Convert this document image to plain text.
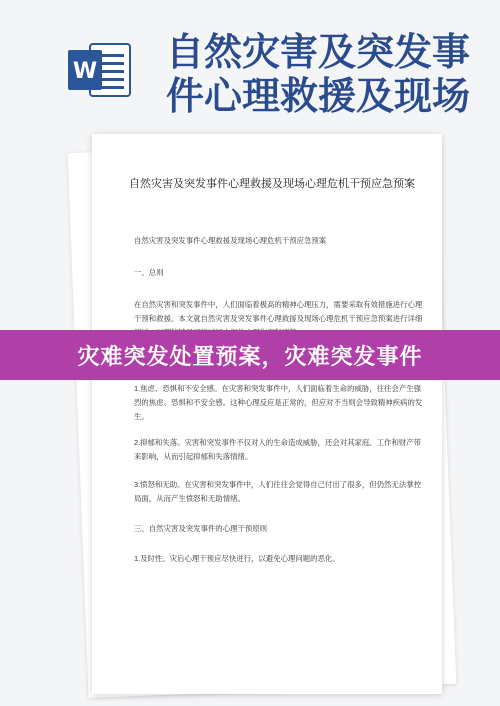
W 自然灾害及突发事
件心理救援及现场
自然灾害及突发事件心理救援及现场心理危机干预应急预案
自然灾害及突发事件心理救援及现场心理危机干预应急预案
一、总则
在自然灾害和突发事件中，人们面临着极高的精神心理压力，需要采取有效措施进行心理干预和救援。本文就自然灾害及突发事件心理救援及现场心理危机干预应急预案进行详细
1.焦虑、恐惧和不安全感。在灾害和突发事件中，人们面临着生命的威胁，往往会产生强烈的焦虑、恐惧和不安全感。这种心理反应是正常的，但应对不当则会导致精神疾病的发生。
2.抑郁和失落。灾害和突发事件不仅对人的生命造成威胁，还会对其家庭、工作和财产带来影响，从而引起抑郁和失落情绪。
3.愤怒和无助。在灾害和突发事件中，人们往往会觉得自己付出了很多，但仍然无法掌控局面，从而产生愤怒和无助情绪。
三、自然灾害及突发事件的心理干预原则
1.及时性。灾后心理干预应尽快进行，以避免心理问题的恶化。
灾难突发处置预案，灾难突发事件
